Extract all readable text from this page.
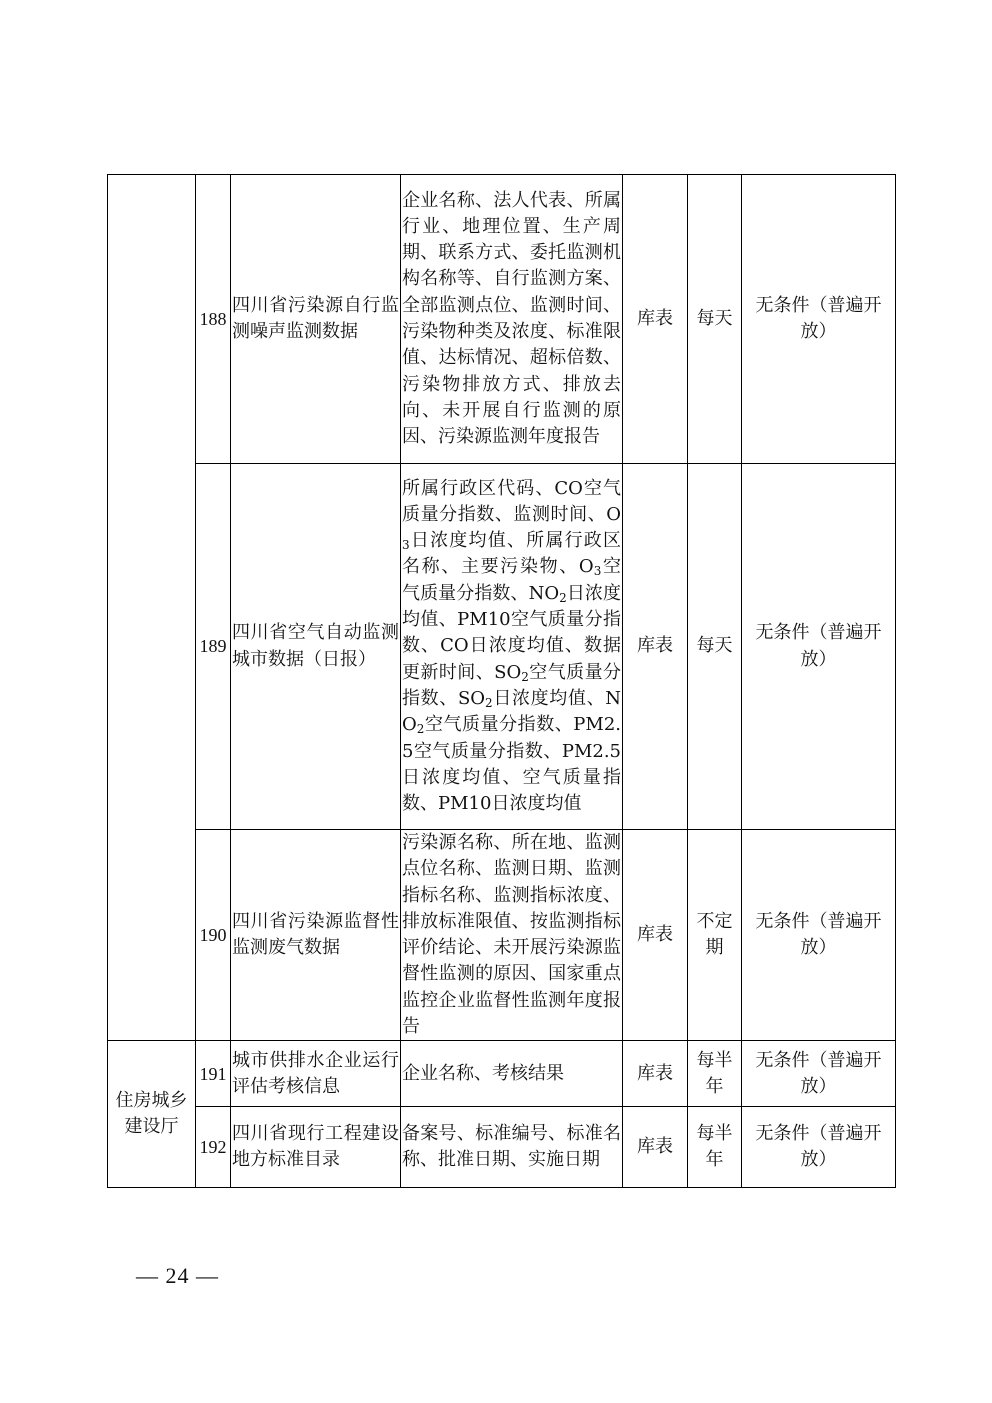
	188	四川省污染源自行监测噪声监测数据	企业名称、法人代表、所属行业、地理位置、生产周期、联系方式、委托监测机构名称等、自行监测方案、全部监测点位、监测时间、污染物种类及浓度、标准限值、达标情况、超标倍数、污染物排放方式、排放去向、未开展自行监测的原因、污染源监测年度报告	库表	每天	无条件（普遍开放）
	189	四川省空气自动监测城市数据（日报）	所属行政区代码、CO空气质量分指数、监测时间、$O_3$日浓度均值、所属行政区名称、主要污染物、$O_3$空气质量分指数、$NO_2$日浓度均值、PM10空气质量分指数、CO日浓度均值、数据更新时间、$SO_2$空气质量分指数、$SO_2$日浓度均值、$NO_2$空气质量分指数、PM2.5空气质量分指数、PM2.5日浓度均值、空气质量指数、PM10日浓度均值	库表	每天	无条件（普遍开放）
	190	四川省污染源监督性监测废气数据	污染源名称、所在地、监测点位名称、监测日期、监测指标名称、监测指标浓度、排放标准限值、按监测指标评价结论、未开展污染源监督性监测的原因、国家重点监控企业监督性监测年度报告	库表	不定期	无条件（普遍开放）
住房城乡建设厅	191	城市供排水企业运行评估考核信息	企业名称、考核结果	库表	每半年	无条件（普遍开放）
	192	四川省现行工程建设地方标准目录	备案号、标准编号、标准名称、批准日期、实施日期	库表	每半年	无条件（普遍开放）
— 24 —
